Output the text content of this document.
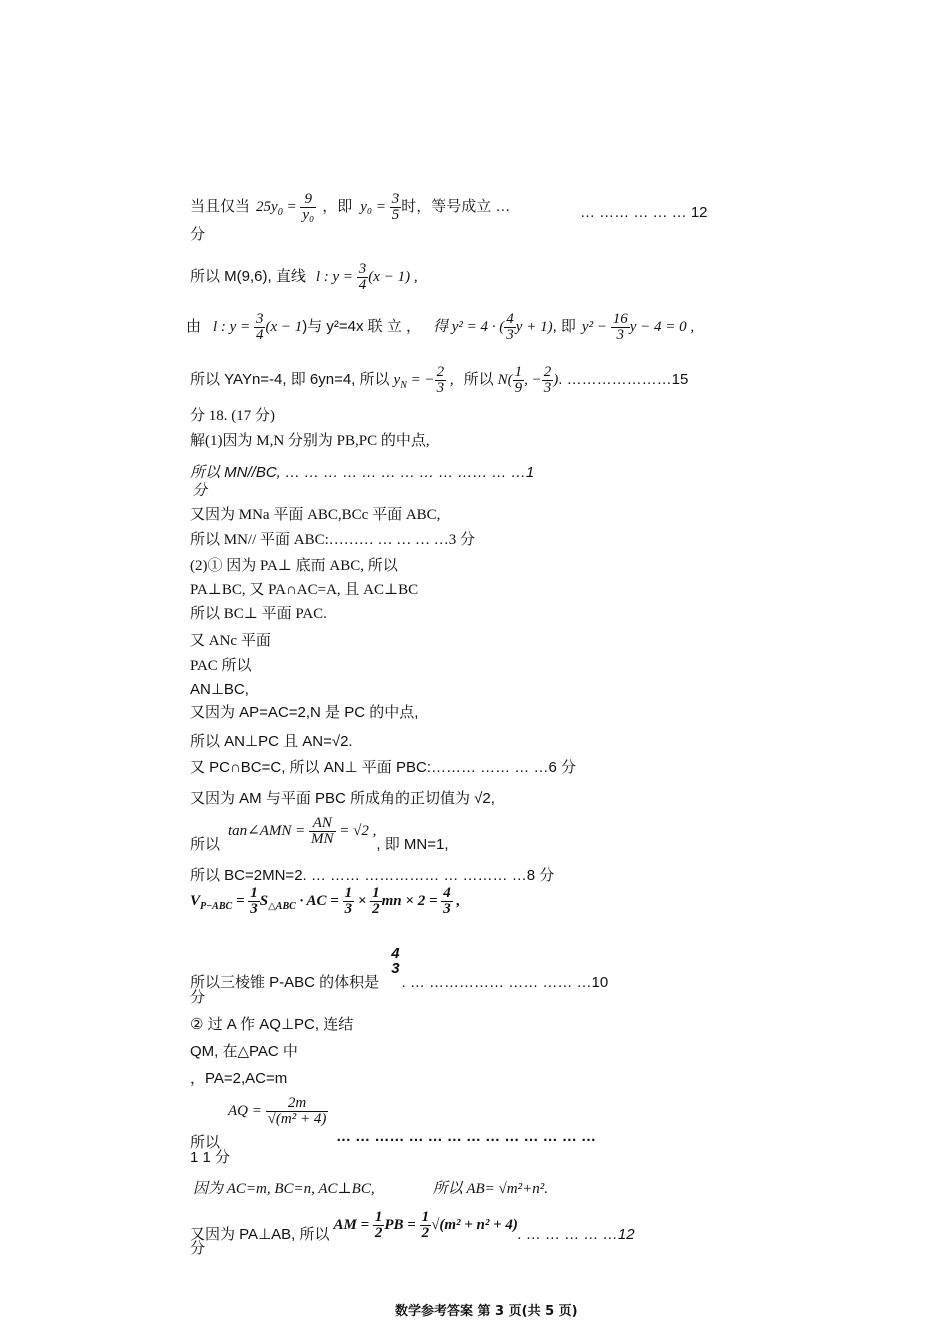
当且仅当 $25y_0 = \frac{9}{\text{y₀}}$ ，即 $y_0 = \frac{3}{5}$ 时，等号成立 …	… …… … … … 12
分
所以 M(9,6), 直线 l : $y = \frac{3}{4} (x - 1)$ ,
由 l : $y = \frac{3}{4} (x - 1)$与 y²=4x 联 立 ， 得 y² = 4 · ( $\frac{4}{3}$ y + 1), 即 $y^2 - \frac{16}{3}$ y − 4 = 0 ,
所以 YAYn=-4, 即 6yn=4, 所以 $y_N$ = − $\frac{2}{3}$ , 所以 $N( \frac{1}{9}$ , − $\frac{2}{3}$ ). …………………15
分 18. (17 分)
解(1)因为 M,N 分别为 PB,PC 的中点,
所以 MN//BC, … … … … … … … … … …… … …1
分
又因为 MNa 平面 ABC,BCc 平面 ABC,
所以 MN// 平面 ABC:……… … … … …3 分
(2)① 因为 PA⊥ 底而 ABC, 所以
PA⊥BC, 又 PA∩AC=A, 且 AC⊥BC
所以 BC⊥ 平面 PAC.
又 ANc 平面
PAC 所以
AN⊥BC,
又因为 AP=AC=2,N 是 PC 的中点,
所以 AN⊥PC 且 AN=√2.
又 PC∩BC=C, 所以 AN⊥ 平面 PBC:……… …… … …6 分
又因为 AM 与平面 PBC 所成角的正切值为 √2,
所以tan∠AMN = $\frac{AN}{MN} = √2$ ,, 即 MN=1,
所以 BC=2MN=2. … …… …………… … ……… …8 分
$V_{P-ABC} = \frac{1}{3} S_{\triangle ABC}$ · AC = $\frac{1}{3} \times \frac{1}{2}$ mn × $2 = \frac{4}{3}$ ,
所以三棱锥 P-ABC 的体积是
4
3
. … …………… …… …… …10
分
② 过 A 作 AQ⊥PC, 连结
QM, 在△PAC 中
，PA=2,AC=m
所以AQ = $\frac{2m}{\text{√(m² + 4)}}$
… … …… … … … … … … … … … …
1 1 分
因为 AC=m, BC=n, AC⊥BC,	所以 AB= √m²+n².
又因为 PA⊥AB, 所以AM = $\frac{1}{2}$ PB = $\frac{1}{2} √(m^2 + n^2 + 4)$. … … … … …12
分
数学参考答案 第 3 页(共 5 页)
